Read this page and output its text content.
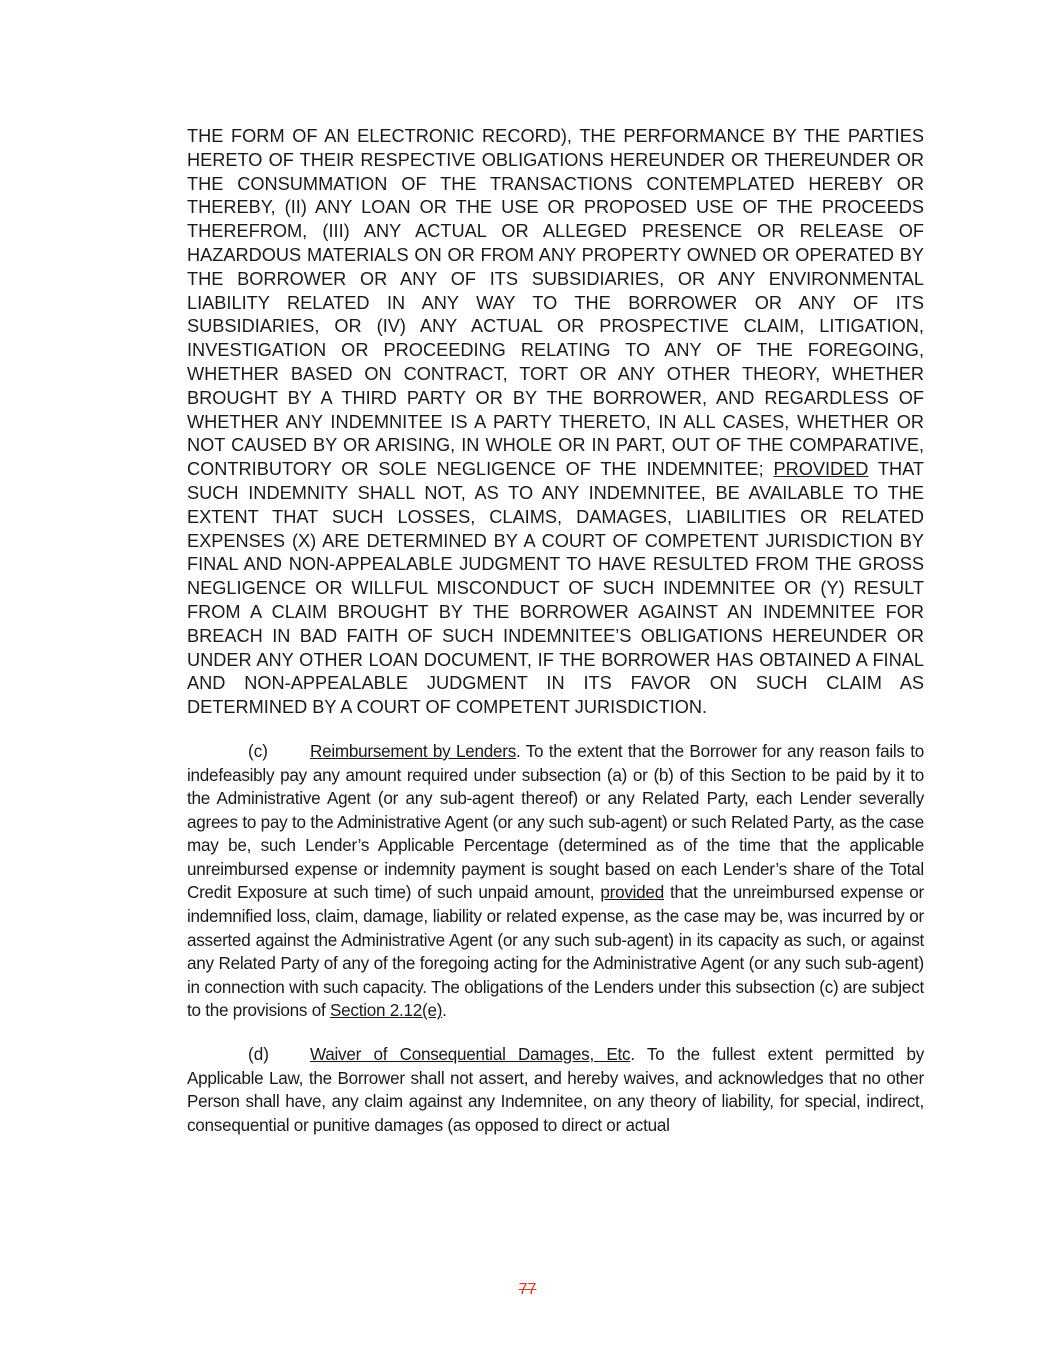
THE FORM OF AN ELECTRONIC RECORD), THE PERFORMANCE BY THE PARTIES HERETO OF THEIR RESPECTIVE OBLIGATIONS HEREUNDER OR THEREUNDER OR THE CONSUMMATION OF THE TRANSACTIONS CONTEMPLATED HEREBY OR THEREBY, (II) ANY LOAN OR THE USE OR PROPOSED USE OF THE PROCEEDS THEREFROM, (III) ANY ACTUAL OR ALLEGED PRESENCE OR RELEASE OF HAZARDOUS MATERIALS ON OR FROM ANY PROPERTY OWNED OR OPERATED BY THE BORROWER OR ANY OF ITS SUBSIDIARIES, OR ANY ENVIRONMENTAL LIABILITY RELATED IN ANY WAY TO THE BORROWER OR ANY OF ITS SUBSIDIARIES, OR (IV) ANY ACTUAL OR PROSPECTIVE CLAIM, LITIGATION, INVESTIGATION OR PROCEEDING RELATING TO ANY OF THE FOREGOING, WHETHER BASED ON CONTRACT, TORT OR ANY OTHER THEORY, WHETHER BROUGHT BY A THIRD PARTY OR BY THE BORROWER, AND REGARDLESS OF WHETHER ANY INDEMNITEE IS A PARTY THERETO, IN ALL CASES, WHETHER OR NOT CAUSED BY OR ARISING, IN WHOLE OR IN PART, OUT OF THE COMPARATIVE, CONTRIBUTORY OR SOLE NEGLIGENCE OF THE INDEMNITEE; PROVIDED THAT SUCH INDEMNITY SHALL NOT, AS TO ANY INDEMNITEE, BE AVAILABLE TO THE EXTENT THAT SUCH LOSSES, CLAIMS, DAMAGES, LIABILITIES OR RELATED EXPENSES (X) ARE DETERMINED BY A COURT OF COMPETENT JURISDICTION BY FINAL AND NON-APPEALABLE JUDGMENT TO HAVE RESULTED FROM THE GROSS NEGLIGENCE OR WILLFUL MISCONDUCT OF SUCH INDEMNITEE OR (Y) RESULT FROM A CLAIM BROUGHT BY THE BORROWER AGAINST AN INDEMNITEE FOR BREACH IN BAD FAITH OF SUCH INDEMNITEE’S OBLIGATIONS HEREUNDER OR UNDER ANY OTHER LOAN DOCUMENT, IF THE BORROWER HAS OBTAINED A FINAL AND NON-APPEALABLE JUDGMENT IN ITS FAVOR ON SUCH CLAIM AS DETERMINED BY A COURT OF COMPETENT JURISDICTION.

(c) Reimbursement by Lenders. To the extent that the Borrower for any reason fails to indefeasibly pay any amount required under subsection (a) or (b) of this Section to be paid by it to the Administrative Agent (or any sub-agent thereof) or any Related Party, each Lender severally agrees to pay to the Administrative Agent (or any such sub-agent) or such Related Party, as the case may be, such Lender’s Applicable Percentage (determined as of the time that the applicable unreimbursed expense or indemnity payment is sought based on each Lender’s share of the Total Credit Exposure at such time) of such unpaid amount, provided that the unreimbursed expense or indemnified loss, claim, damage, liability or related expense, as the case may be, was incurred by or asserted against the Administrative Agent (or any such sub-agent) in its capacity as such, or against any Related Party of any of the foregoing acting for the Administrative Agent (or any such sub-agent) in connection with such capacity. The obligations of the Lenders under this subsection (c) are subject to the provisions of Section 2.12(e).

(d) Waiver of Consequential Damages, Etc. To the fullest extent permitted by Applicable Law, the Borrower shall not assert, and hereby waives, and acknowledges that no other Person shall have, any claim against any Indemnitee, on any theory of liability, for special, indirect, consequential or punitive damages (as opposed to direct or actual

77
